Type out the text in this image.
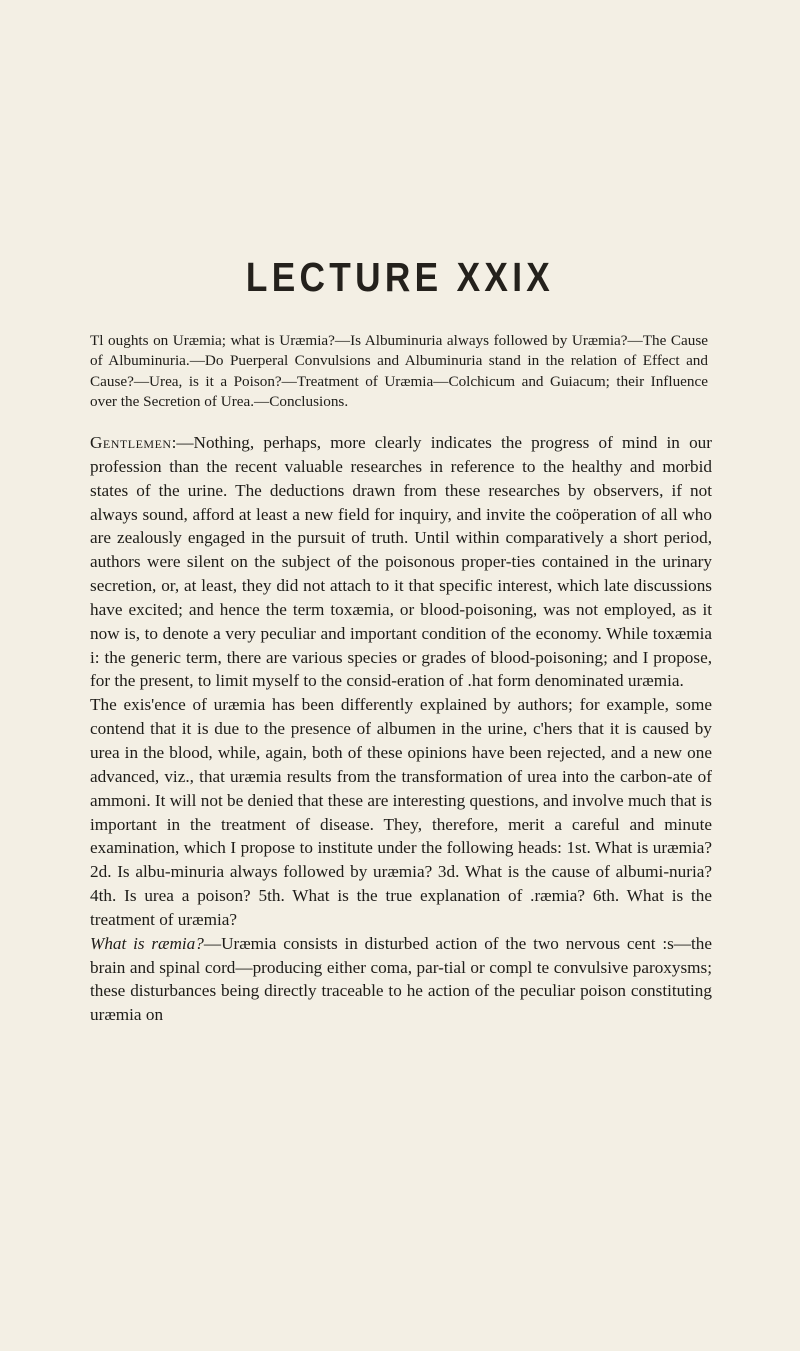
LECTURE XXIX
Tl oughts on Uræmia; what is Uræmia?—Is Albuminuria always followed by Uræmia?—The Cause of Albuminuria.—Do Puerperal Convulsions and Albuminuria stand in the relation of Effect and Cause?—Urea, is it a Poison?—Treatment of Uræmia—Colchicum and Guiacum; their Influence over the Secretion of Urea.—Conclusions.

Gentlemen:—Nothing, perhaps, more clearly indicates the progress of mind in our profession than the recent valuable researches in reference to the healthy and morbid states of the urine. The deductions drawn from these researches by observers, if not always sound, afford at least a new field for inquiry, and invite the coöperation of all who are zealously engaged in the pursuit of truth. Until within comparatively a short period, authors were silent on the subject of the poisonous proper-ties contained in the urinary secretion, or, at least, they did not attach to it that specific interest, which late discussions have excited; and hence the term toxæmia, or blood-poisoning, was not employed, as it now is, to denote a very peculiar and important condition of the economy. While toxæmia i: the generic term, there are various species or grades of blood-poisoning; and I propose, for the present, to limit myself to the consid-eration of .hat form denominated uræmia.

The exis'ence of uræmia has been differently explained by authors; for example, some contend that it is due to the presence of albumen in the urine, c'hers that it is caused by urea in the blood, while, again, both of these opinions have been rejected, and a new one advanced, viz., that uræmia results from the transformation of urea into the carbon-ate of ammoni. It will not be denied that these are interesting questions, and involve much that is important in the treatment of disease. They, therefore, merit a careful and minute examination, which I propose to institute under the following heads: 1st. What is uræmia? 2d. Is albu-minuria always followed by uræmia? 3d. What is the cause of albumi-nuria? 4th. Is urea a poison? 5th. What is the true explanation of .ræmia? 6th. What is the treatment of uræmia?

What is ræmia?—Uræmia consists in disturbed action of the two nervous cent :s—the brain and spinal cord—producing either coma, par-tial or compl te convulsive paroxysms; these disturbances being directly traceable to he action of the peculiar poison constituting uræmia on
